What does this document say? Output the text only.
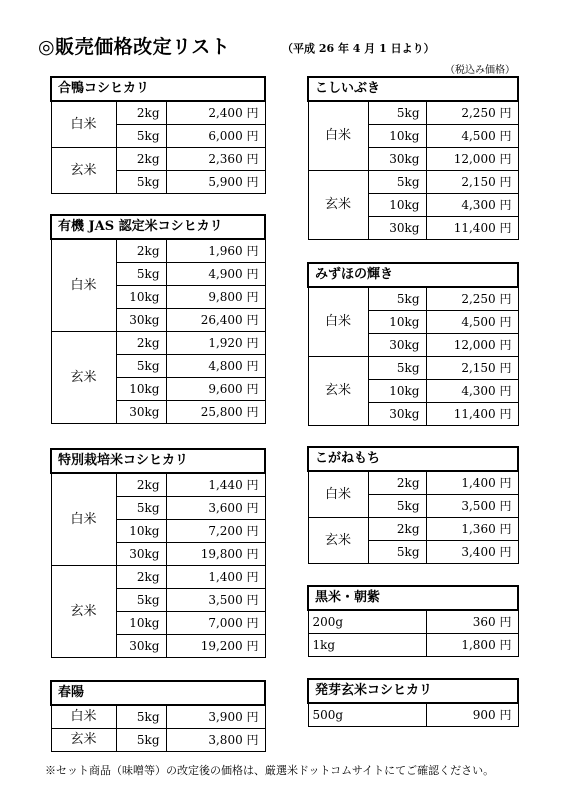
◎販売価格改定リスト	（平成 26 年 4 月 1 日より）
（税込み価格）
合鴨コシヒカリ		
白米	2kg	2,400 円
	5kg	6,000 円
玄米	2kg	2,360 円
	5kg	5,900 円
有機 JAS 認定米コシヒカリ		
白米	2kg	1,960 円
	5kg	4,900 円
	10kg	9,800 円
	30kg	26,400 円
玄米	2kg	1,920 円
	5kg	4,800 円
	10kg	9,600 円
	30kg	25,800 円
特別栽培米コシヒカリ		
白米	2kg	1,440 円
	5kg	3,600 円
	10kg	7,200 円
	30kg	19,800 円
玄米	2kg	1,400 円
	5kg	3,500 円
	10kg	7,000 円
	30kg	19,200 円
春陽		
白米	5kg	3,900 円
玄米	5kg	3,800 円
こしいぶき		
白米	5kg	2,250 円
	10kg	4,500 円
	30kg	12,000 円
玄米	5kg	2,150 円
	10kg	4,300 円
	30kg	11,400 円
みずほの輝き		
白米	5kg	2,250 円
	10kg	4,500 円
	30kg	12,000 円
玄米	5kg	2,150 円
	10kg	4,300 円
	30kg	11,400 円
こがねもち		
白米	2kg	1,400 円
	5kg	3,500 円
玄米	2kg	1,360 円
	5kg	3,400 円
黒米・朝紫	
200g	360 円
1kg	1,800 円
発芽玄米コシヒカリ
500g	900 円
※セット商品（味噌等）の改定後の価格は、厳選米ドットコムサイトにてご確認ください。
